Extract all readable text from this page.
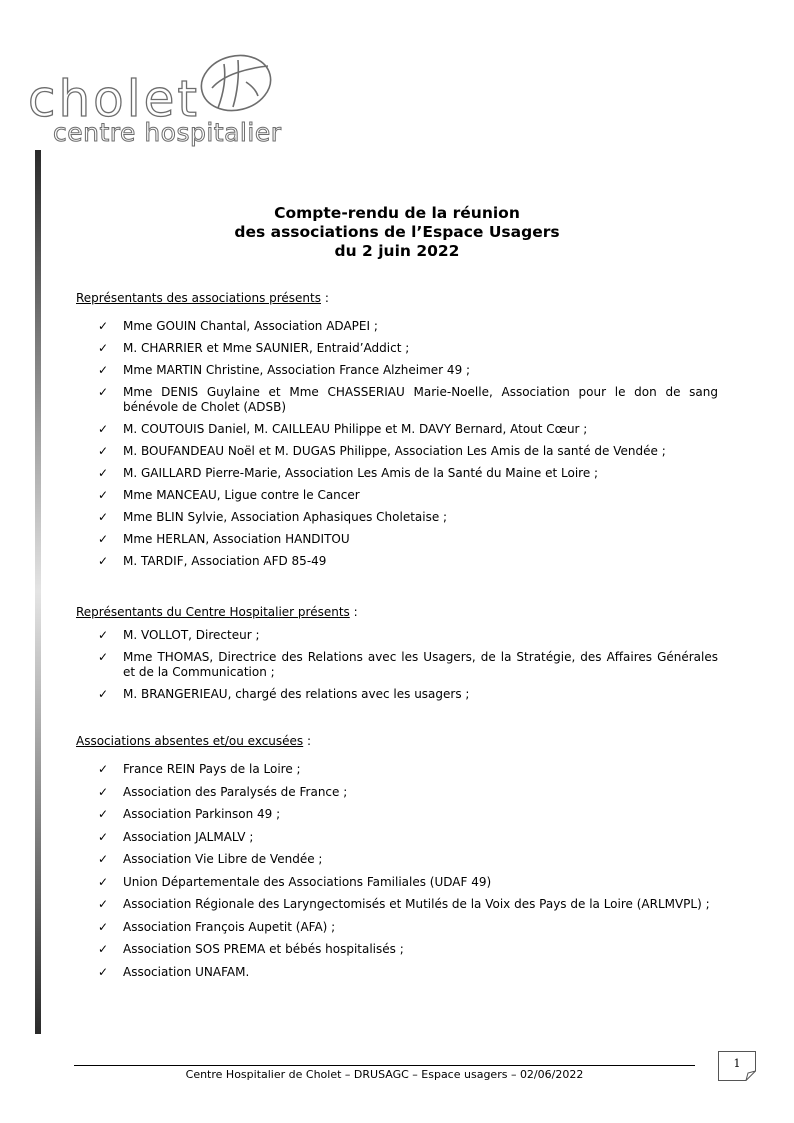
cholet
centre hospitalier
Compte-rendu de la réunion
des associations de l’Espace Usagers
du 2 juin 2022
Représentants des associations présents :
✓ Mme GOUIN Chantal, Association ADAPEI ;
✓ M. CHARRIER et Mme SAUNIER, Entraid’Addict ;
✓ Mme MARTIN Christine, Association France Alzheimer 49 ;
✓ Mme DENIS Guylaine et Mme CHASSERIAU Marie-Noelle, Association pour le don de sang bénévole de Cholet (ADSB)
✓ M. COUTOUIS Daniel, M. CAILLEAU Philippe et M. DAVY Bernard, Atout Cœur ;
✓ M. BOUFANDEAU Noël et M. DUGAS Philippe, Association Les Amis de la santé de Vendée ;
✓ M. GAILLARD Pierre-Marie, Association Les Amis de la Santé du Maine et Loire ;
✓ Mme MANCEAU, Ligue contre le Cancer
✓ Mme BLIN Sylvie, Association Aphasiques Choletaise ;
✓ Mme HERLAN, Association HANDITOU
✓ M. TARDIF, Association AFD 85-49
Représentants du Centre Hospitalier présents :
✓ M. VOLLOT, Directeur ;
✓ Mme THOMAS, Directrice des Relations avec les Usagers, de la Stratégie, des Affaires Générales et de la Communication ;
✓ M. BRANGERIEAU, chargé des relations avec les usagers ;
Associations absentes et/ou excusées :
✓ France REIN Pays de la Loire ;
✓ Association des Paralysés de France ;
✓ Association Parkinson 49 ;
✓ Association JALMALV ;
✓ Association Vie Libre de Vendée ;
✓ Union Départementale des Associations Familiales (UDAF 49)
✓ Association Régionale des Laryngectomisés et Mutilés de la Voix des Pays de la Loire (ARLMVPL) ;
✓ Association François Aupetit (AFA) ;
✓ Association SOS PREMA et bébés hospitalisés ;
✓ Association UNAFAM.
Centre Hospitalier de Cholet – DRUSAGC – Espace usagers – 02/06/2022
1
